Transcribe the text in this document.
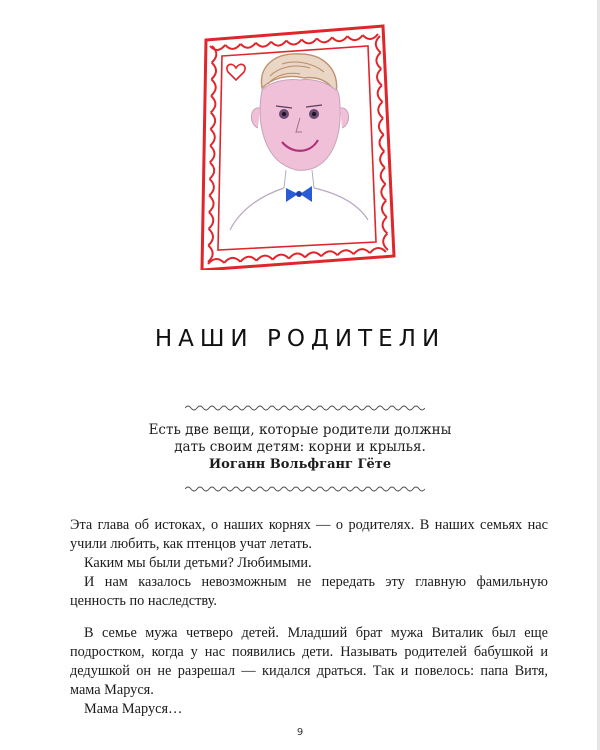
НАШИ РОДИТЕЛИ
Есть две вещи, которые родители должны
дать своим детям: корни и крылья.
Иоганн Вольфганг Гёте

Эта глава об истоках, о наших корнях — о родителях. В наших семьях нас учили любить, как птенцов учат летать.

Каким мы были детьми? Любимыми.

И нам казалось невозможным не передать эту главную фамильную ценность по наследству.

В семье мужа четверо детей. Младший брат мужа Виталик был еще подростком, когда у нас появились дети. Называть родителей бабушкой и дедушкой он не разрешал — кидался драться. Так и повелось: папа Витя, мама Маруся.

Мама Маруся…

9
